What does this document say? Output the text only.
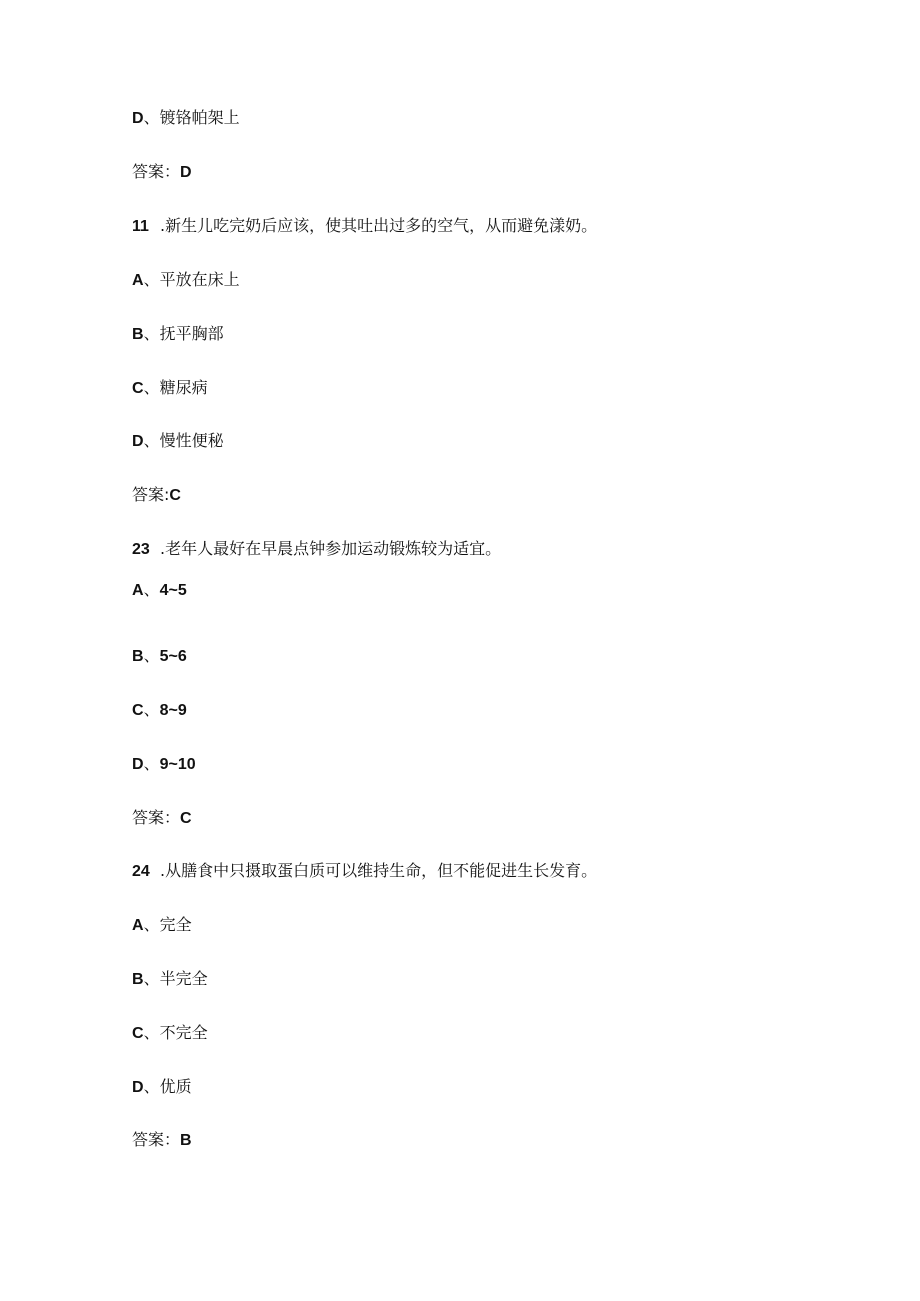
D、镀铬帕架上
答案：D
11 .新生儿吃完奶后应该，使其吐出过多的空气，从而避免漾奶。
A、平放在床上
B、抚平胸部
C、糖尿病
D、慢性便秘
答案:C
23 .老年人最好在早晨点钟参加运动锻炼较为适宜。
A、4~5
B、5~6
C、8~9
D、9~10
答案：C
24 .从膳食中只摄取蛋白质可以维持生命，但不能促进生长发育。
A、完全
B、半完全
C、不完全
D、优质
答案：B
